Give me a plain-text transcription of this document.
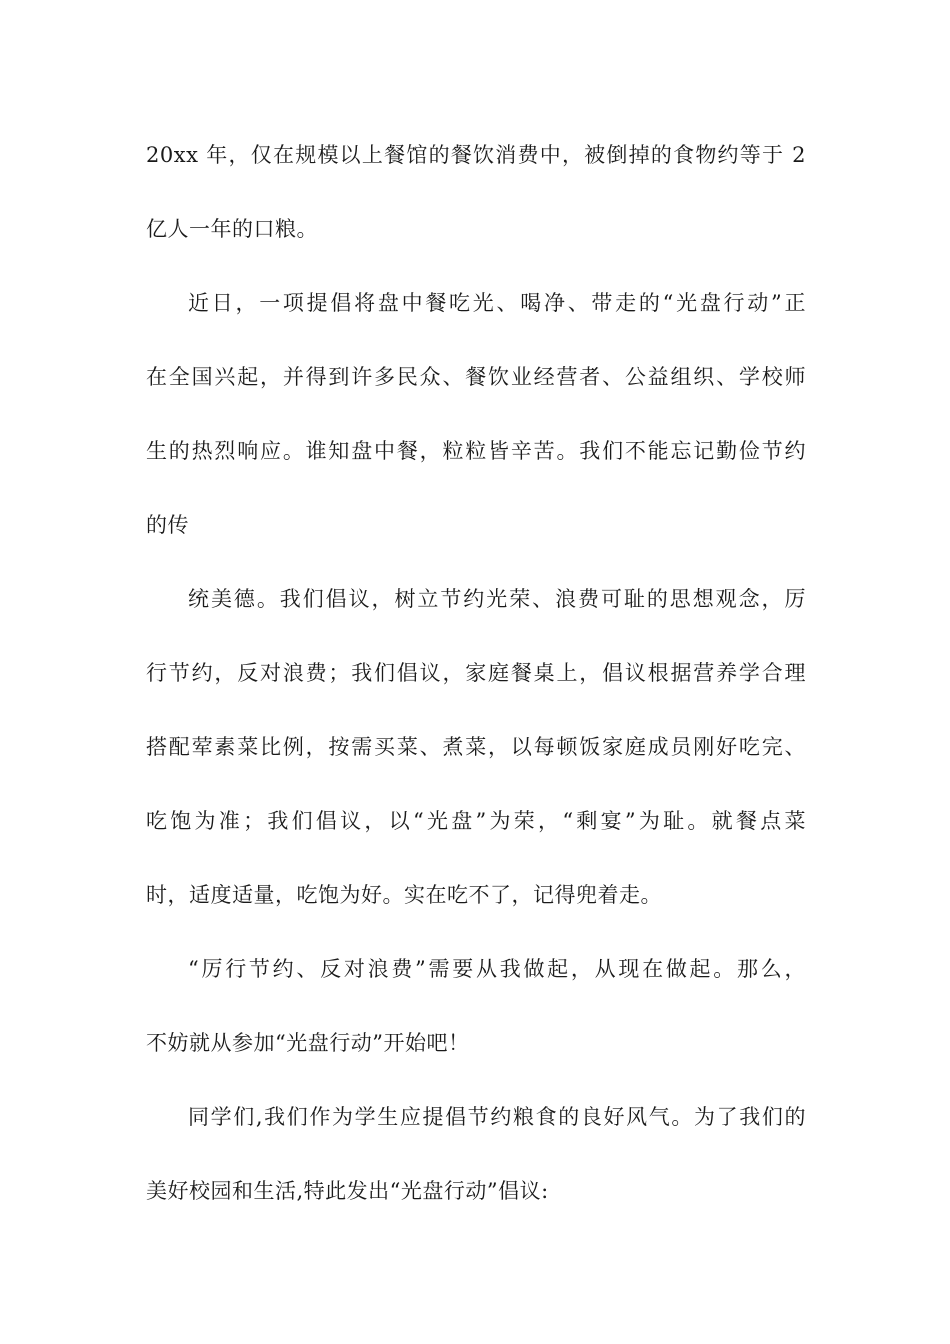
20xx 年，仅在规模以上餐馆的餐饮消费中，被倒掉的食物约等于 2
亿人一年的口粮。
近日，一项提倡将盘中餐吃光、喝净、带走的“光盘行动”正
在全国兴起，并得到许多民众、餐饮业经营者、公益组织、学校师
生的热烈响应。谁知盘中餐，粒粒皆辛苦。我们不能忘记勤俭节约
的传
统美德。我们倡议，树立节约光荣、浪费可耻的思想观念，厉
行节约，反对浪费；我们倡议，家庭餐桌上，倡议根据营养学合理
搭配荤素菜比例，按需买菜、煮菜，以每顿饭家庭成员刚好吃完、
吃饱为准；我们倡议，以“光盘”为荣，“剩宴”为耻。就餐点菜
时，适度适量，吃饱为好。实在吃不了，记得兜着走。
“厉行节约、反对浪费”需要从我做起，从现在做起。那么，
不妨就从参加“光盘行动”开始吧！
同学们,我们作为学生应提倡节约粮食的良好风气。为了我们的
美好校园和生活,特此发出“光盘行动”倡议:
